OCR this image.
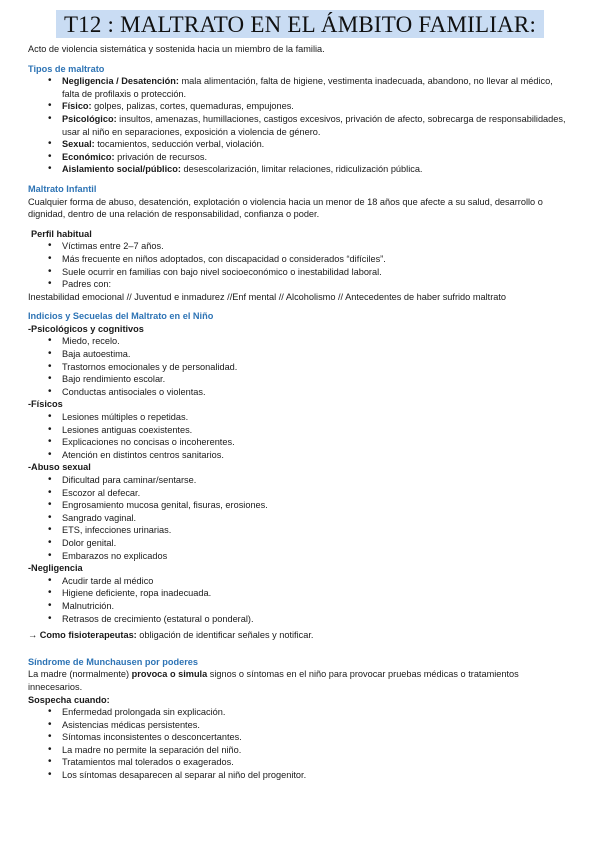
T12 : MALTRATO EN EL ÁMBITO FAMILIAR:

Acto de violencia sistemática y sostenida hacia un miembro de la familia.

Tipos de maltrato

• Negligencia / Desatención: mala alimentación, falta de higiene, vestimenta inadecuada, abandono, no llevar al médico, falta de profilaxis o protección.
• Físico: golpes, palizas, cortes, quemaduras, empujones.
• Psicológico: insultos, amenazas, humillaciones, castigos excesivos, privación de afecto, sobrecarga de responsabilidades, usar al niño en separaciones, exposición a violencia de género.
• Sexual: tocamientos, seducción verbal, violación.
• Económico: privación de recursos.
• Aislamiento social/público: desescolarización, limitar relaciones, ridiculización pública.

Maltrato Infantil

Cualquier forma de abuso, desatención, explotación o violencia hacia un menor de 18 años que afecte a su salud, desarrollo o dignidad, dentro de una relación de responsabilidad, confianza o poder.

Perfil habitual

• Víctimas entre 2–7 años.
• Más frecuente en niños adoptados, con discapacidad o considerados “difíciles”.
• Suele ocurrir en familias con bajo nivel socioeconómico o inestabilidad laboral.
• Padres con:

Inestabilidad emocional // Juventud e inmadurez //Enf mental // Alcoholismo // Antecedentes de haber sufrido maltrato

Indicios y Secuelas del Maltrato en el Niño

-Psicológicos y cognitivos

• Miedo, recelo.
• Baja autoestima.
• Trastornos emocionales y de personalidad.
• Bajo rendimiento escolar.
• Conductas antisociales o violentas.

-Físicos

• Lesiones múltiples o repetidas.
• Lesiones antiguas coexistentes.
• Explicaciones no concisas o incoherentes.
• Atención en distintos centros sanitarios.

-Abuso sexual

• Dificultad para caminar/sentarse.
• Escozor al defecar.
• Engrosamiento mucosa genital, fisuras, erosiones.
• Sangrado vaginal.
• ETS, infecciones urinarias.
• Dolor genital.
• Embarazos no explicados

-Negligencia

• Acudir tarde al médico
• Higiene deficiente, ropa inadecuada.
• Malnutrición.
• Retrasos de crecimiento (estatural o ponderal).

→ Como fisioterapeutas: obligación de identificar señales y notificar.

Síndrome de Munchausen por poderes

La madre (normalmente) provoca o simula signos o síntomas en el niño para provocar pruebas médicas o tratamientos innecesarios.

Sospecha cuando:

• Enfermedad prolongada sin explicación.
• Asistencias médicas persistentes.
• Síntomas inconsistentes o desconcertantes.
• La madre no permite la separación del niño.
• Tratamientos mal tolerados o exagerados.
• Los síntomas desaparecen al separar al niño del progenitor.
